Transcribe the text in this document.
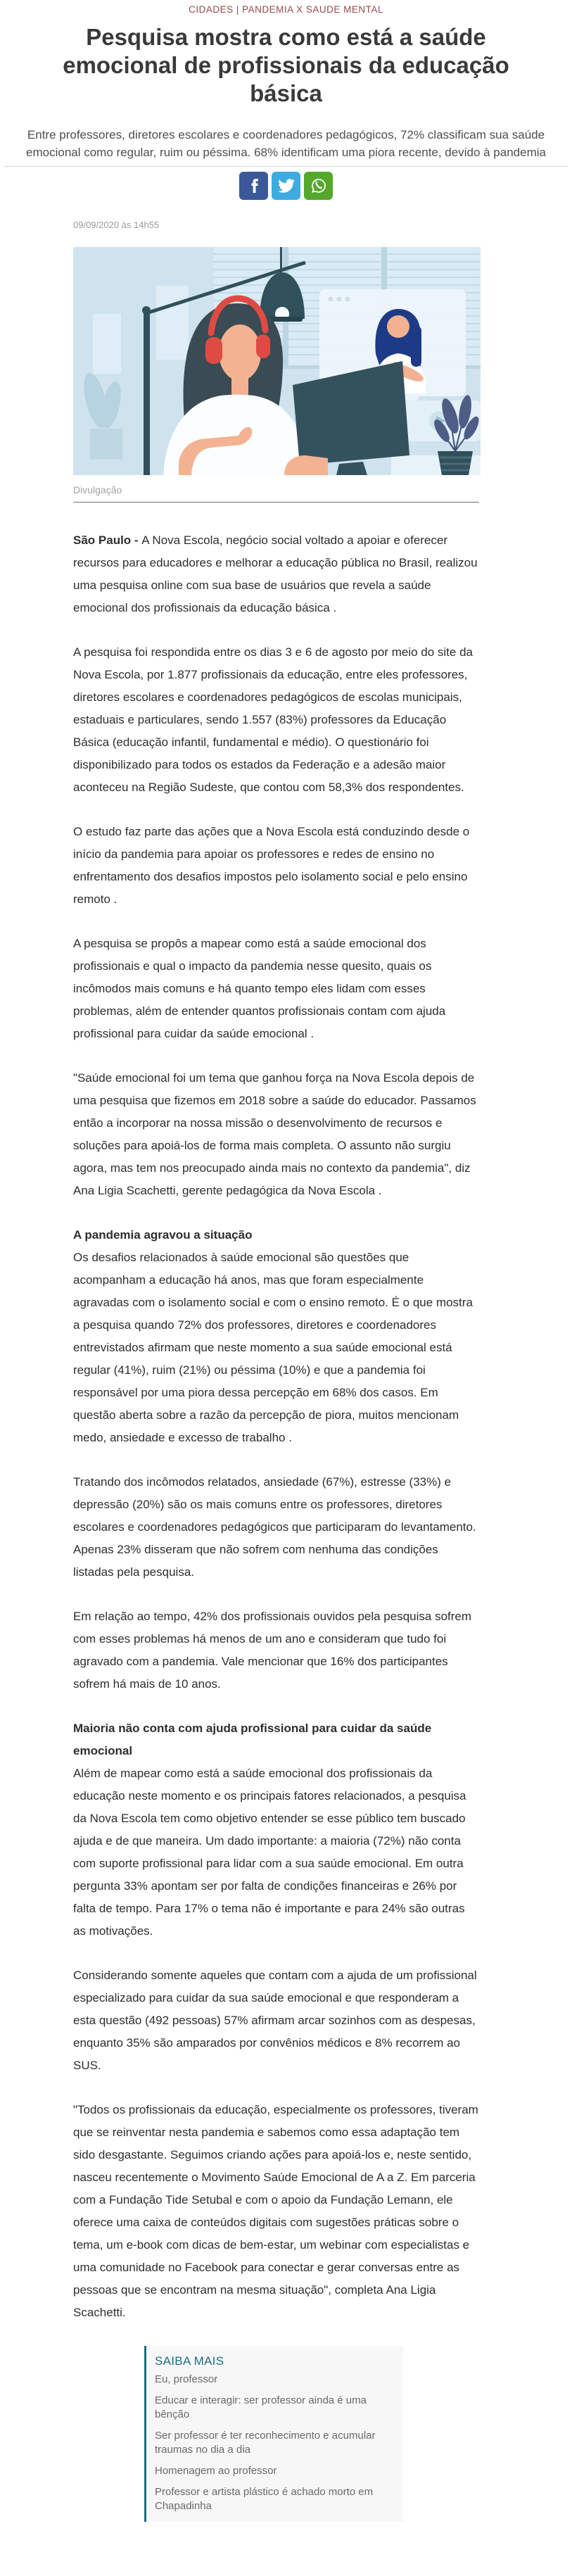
CIDADES | PANDEMIA X SAUDE MENTAL
Pesquisa mostra como está a saúde emocional de profissionais da educação básica

Entre professores, diretores escolares e coordenadores pedagógicos, 72% classificam sua saúde emocional como regular, ruim ou péssima. 68% identificam uma piora recente, devido à pandemia

09/09/2020 às 14h55
Divulgação

São Paulo - A Nova Escola, negócio social voltado a apoiar e oferecer recursos para educadores e melhorar a educação pública no Brasil, realizou uma pesquisa online com sua base de usuários que revela a saúde emocional dos profissionais da educação básica .

A pesquisa foi respondida entre os dias 3 e 6 de agosto por meio do site da Nova Escola, por 1.877 profissionais da educação, entre eles professores, diretores escolares e coordenadores pedagógicos de escolas municipais, estaduais e particulares, sendo 1.557 (83%) professores da Educação Básica (educação infantil, fundamental e médio). O questionário foi disponibilizado para todos os estados da Federação e a adesão maior aconteceu na Região Sudeste, que contou com 58,3% dos respondentes.

O estudo faz parte das ações que a Nova Escola está conduzindo desde o início da pandemia para apoiar os professores e redes de ensino no enfrentamento dos desafios impostos pelo isolamento social e pelo ensino remoto .

A pesquisa se propôs a mapear como está a saúde emocional dos profissionais e qual o impacto da pandemia nesse quesito, quais os incômodos mais comuns e há quanto tempo eles lidam com esses problemas, além de entender quantos profissionais contam com ajuda profissional para cuidar da saúde emocional .

"Saúde emocional foi um tema que ganhou força na Nova Escola depois de uma pesquisa que fizemos em 2018 sobre a saúde do educador. Passamos então a incorporar na nossa missão o desenvolvimento de recursos e soluções para apoiá-los de forma mais completa. O assunto não surgiu agora, mas tem nos preocupado ainda mais no contexto da pandemia", diz Ana Ligia Scachetti, gerente pedagógica da Nova Escola .

A pandemia agravou a situação

Os desafios relacionados à saúde emocional são questões que acompanham a educação há anos, mas que foram especialmente agravadas com o isolamento social e com o ensino remoto. É o que mostra a pesquisa quando 72% dos professores, diretores e coordenadores entrevistados afirmam que neste momento a sua saúde emocional está regular (41%), ruim (21%) ou péssima (10%) e que a pandemia foi responsável por uma piora dessa percepção em 68% dos casos. Em questão aberta sobre a razão da percepção de piora, muitos mencionam medo, ansiedade e excesso de trabalho .

Tratando dos incômodos relatados, ansiedade (67%), estresse (33%) e depressão (20%) são os mais comuns entre os professores, diretores escolares e coordenadores pedagógicos que participaram do levantamento. Apenas 23% disseram que não sofrem com nenhuma das condições listadas pela pesquisa.

Em relação ao tempo, 42% dos profissionais ouvidos pela pesquisa sofrem com esses problemas há menos de um ano e consideram que tudo foi agravado com a pandemia. Vale mencionar que 16% dos participantes sofrem há mais de 10 anos.

Maioria não conta com ajuda profissional para cuidar da saúde emocional

Além de mapear como está a saúde emocional dos profissionais da educação neste momento e os principais fatores relacionados, a pesquisa da Nova Escola tem como objetivo entender se esse público tem buscado ajuda e de que maneira. Um dado importante: a maioria (72%) não conta com suporte profissional para lidar com a sua saúde emocional. Em outra pergunta 33% apontam ser por falta de condições financeiras e 26% por falta de tempo. Para 17% o tema não é importante e para 24% são outras as motivações.

Considerando somente aqueles que contam com a ajuda de um profissional especializado para cuidar da sua saúde emocional e que responderam a esta questão (492 pessoas) 57% afirmam arcar sozinhos com as despesas, enquanto 35% são amparados por convênios médicos e 8% recorrem ao SUS.

"Todos os profissionais da educação, especialmente os professores, tiveram que se reinventar nesta pandemia e sabemos como essa adaptação tem sido desgastante. Seguimos criando ações para apoiá-los e, neste sentido, nasceu recentemente o Movimento Saúde Emocional de A a Z. Em parceria com a Fundação Tide Setubal e com o apoio da Fundação Lemann, ele oferece uma caixa de conteúdos digitais com sugestões práticas sobre o tema, um e-book com dicas de bem-estar, um webinar com especialistas e uma comunidade no Facebook para conectar e gerar conversas entre as pessoas que se encontram na mesma situação", completa Ana Ligia Scachetti.

SAIBA MAIS
Eu, professor
Educar e interagir: ser professor ainda é uma bênção
Ser professor é ter reconhecimento e acumular traumas no dia a dia
Homenagem ao professor
Professor e artista plástico é achado morto em Chapadinha
